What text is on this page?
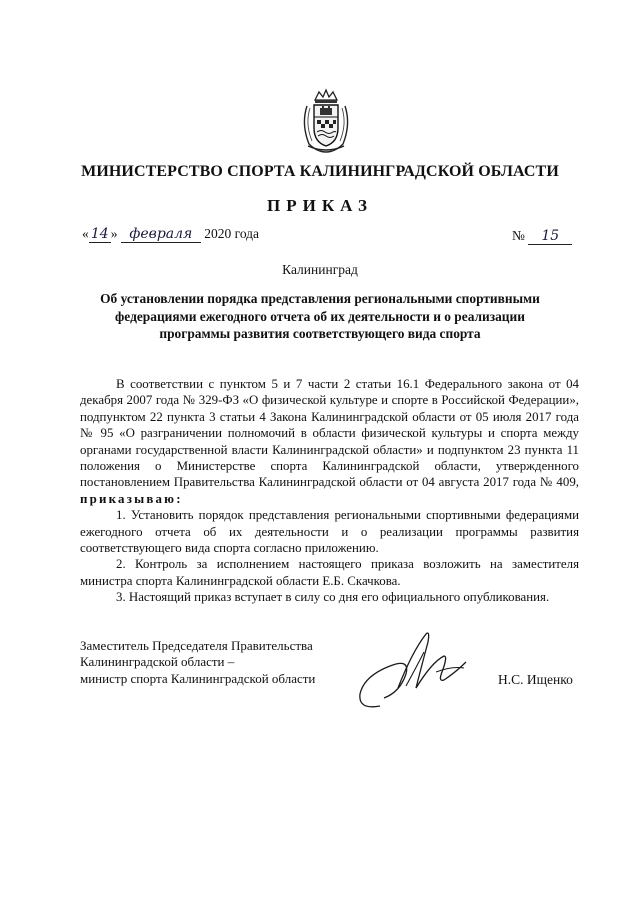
МИНИСТЕРСТВО СПОРТА КАЛИНИНГРАДСКОЙ ОБЛАСТИ
ПРИКАЗ
« 14 » февраля 2020 года	№ 15
Калининград
Об установлении порядка представления региональными спортивными федерациями ежегодного отчета об их деятельности и о реализации программы развития соответствующего вида спорта

В соответствии с пунктом 5 и 7 части 2 статьи 16.1 Федерального закона от 04 декабря 2007 года № 329-ФЗ «О физической культуре и спорте в Российской Федерации», подпунктом 22 пункта 3 статьи 4 Закона Калининградской области от 05 июля 2017 года № 95 «О разграничении полномочий в области физической культуры и спорта между органами государственной власти Калининградской области» и подпунктом 23 пункта 11 положения о Министерстве спорта Калининградской области, утвержденного постановлением Правительства Калининградской области от 04 августа 2017 года № 409, приказываю:

1. Установить порядок представления региональными спортивными федерациями ежегодного отчета об их деятельности и о реализации программы развития соответствующего вида спорта согласно приложению.

2. Контроль за исполнением настоящего приказа возложить на заместителя министра спорта Калининградской области Е.Б. Скачкова.

3. Настоящий приказ вступает в силу со дня его официального опубликования.

Заместитель Председателя Правительства
Калининградской области –
министр спорта Калининградской области	Н.С. Ищенко
